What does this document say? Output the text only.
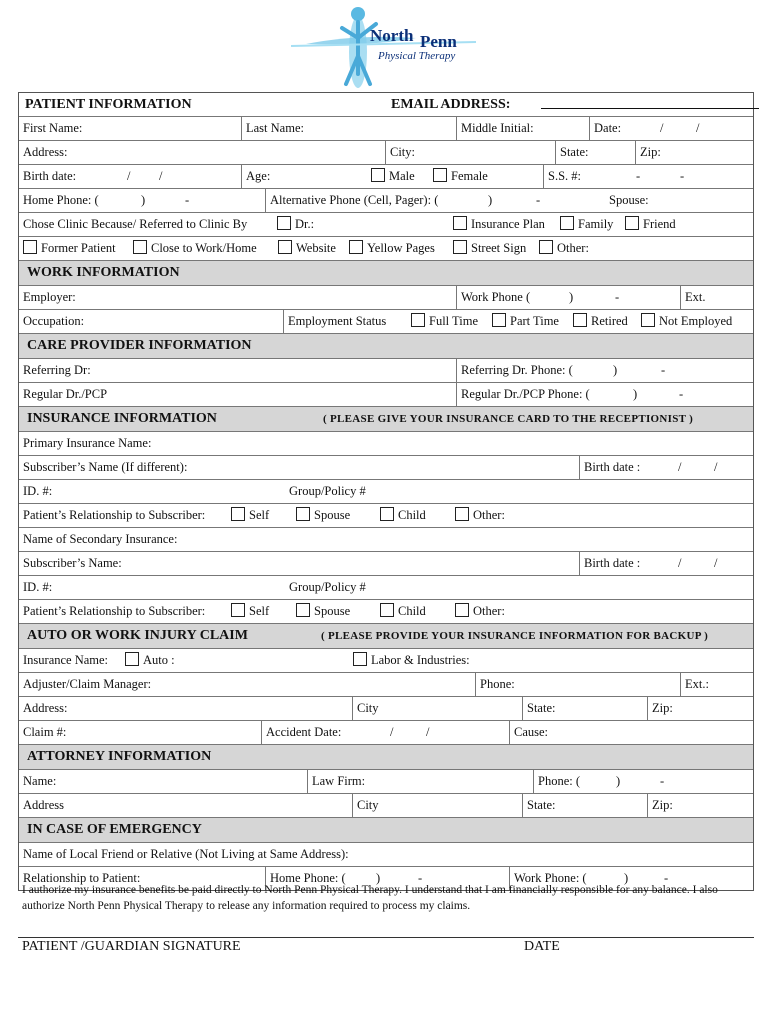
North Penn
Physical Therapy
PATIENT INFORMATION	EMAIL ADDRESS:
First Name:	Last Name:	Middle Initial:	Date:	/	/
Address:	City:	State:	Zip:
Birth date:	/ /	Age:	Male	Female	S.S. #:	-	-
Home Phone: (	)	-	Alternative Phone (Cell, Pager): (	)	-	Spouse:
Chose Clinic Because/ Referred to Clinic By	Dr.:	Insurance Plan	Family	Friend
Former Patient	Close to Work/Home	Website	Yellow Pages	Street Sign	Other:
WORK INFORMATION
Employer:	Work Phone (	)	-	Ext.
Occupation:	Employment Status	Full Time	Part Time	Retired	Not Employed
CARE PROVIDER INFORMATION
Referring Dr:	Referring Dr. Phone: (	)	-
Regular Dr./PCP	Regular Dr./PCP Phone: (	)	-
INSURANCE INFORMATION	( PLEASE GIVE YOUR INSURANCE CARD TO THE RECEPTIONIST )
Primary Insurance Name:
Subscriber’s Name (If different):	Birth date :	/	/
ID. #:	Group/Policy #
Patient’s Relationship to Subscriber:	Self	Spouse	Child	Other:
Name of Secondary Insurance:
Subscriber’s Name:	Birth date :	/	/
ID. #:	Group/Policy #
Patient’s Relationship to Subscriber:	Self	Spouse	Child	Other:
AUTO OR WORK INJURY CLAIM	( PLEASE PROVIDE YOUR INSURANCE INFORMATION FOR BACKUP )
Insurance Name:	Auto :	Labor & Industries:
Adjuster/Claim Manager:	Phone:	Ext.:
Address:	City	State:	Zip:
Claim #:	Accident Date:	/	/	Cause:
ATTORNEY INFORMATION
Name:	Law Firm:	Phone: (	)	-
Address	City	State:	Zip:
IN CASE OF EMERGENCY
Name of Local Friend or Relative (Not Living at Same Address):
Relationship to Patient:	Home Phone: ( )	-	Work Phone: (	)	-
I authorize my insurance benefits be paid directly to North Penn Physical Therapy. I understand that I am financially responsible for any balance. I also authorize North Penn Physical Therapy to release any information required to process my claims.
PATIENT /GUARDIAN SIGNATURE	DATE
